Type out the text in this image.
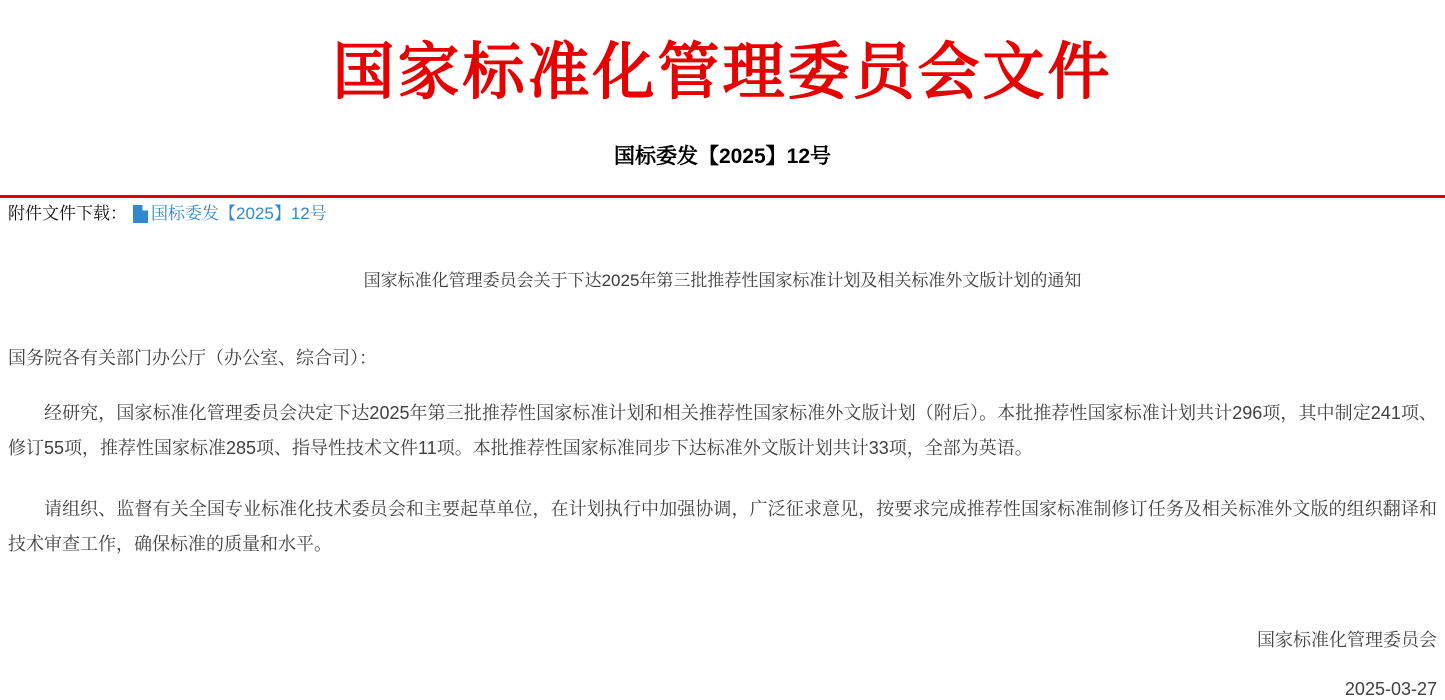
国家标准化管理委员会文件
国标委发【2025】12号
附件文件下载： 国标委发【2025】12号
国家标准化管理委员会关于下达2025年第三批推荐性国家标准计划及相关标准外文版计划的通知
国务院各有关部门办公厅（办公室、综合司）：

经研究，国家标准化管理委员会决定下达2025年第三批推荐性国家标准计划和相关推荐性国家标准外文版计划（附后）。本批推荐性国家标准计划共计296项，其中制定241项、修订55项，推荐性国家标准285项、指导性技术文件11项。本批推荐性国家标准同步下达标准外文版计划共计33项，全部为英语。

请组织、监督有关全国专业标准化技术委员会和主要起草单位，在计划执行中加强协调，广泛征求意见，按要求完成推荐性国家标准制修订任务及相关标准外文版的组织翻译和技术审查工作，确保标准的质量和水平。

国家标准化管理委员会
2025-03-27
